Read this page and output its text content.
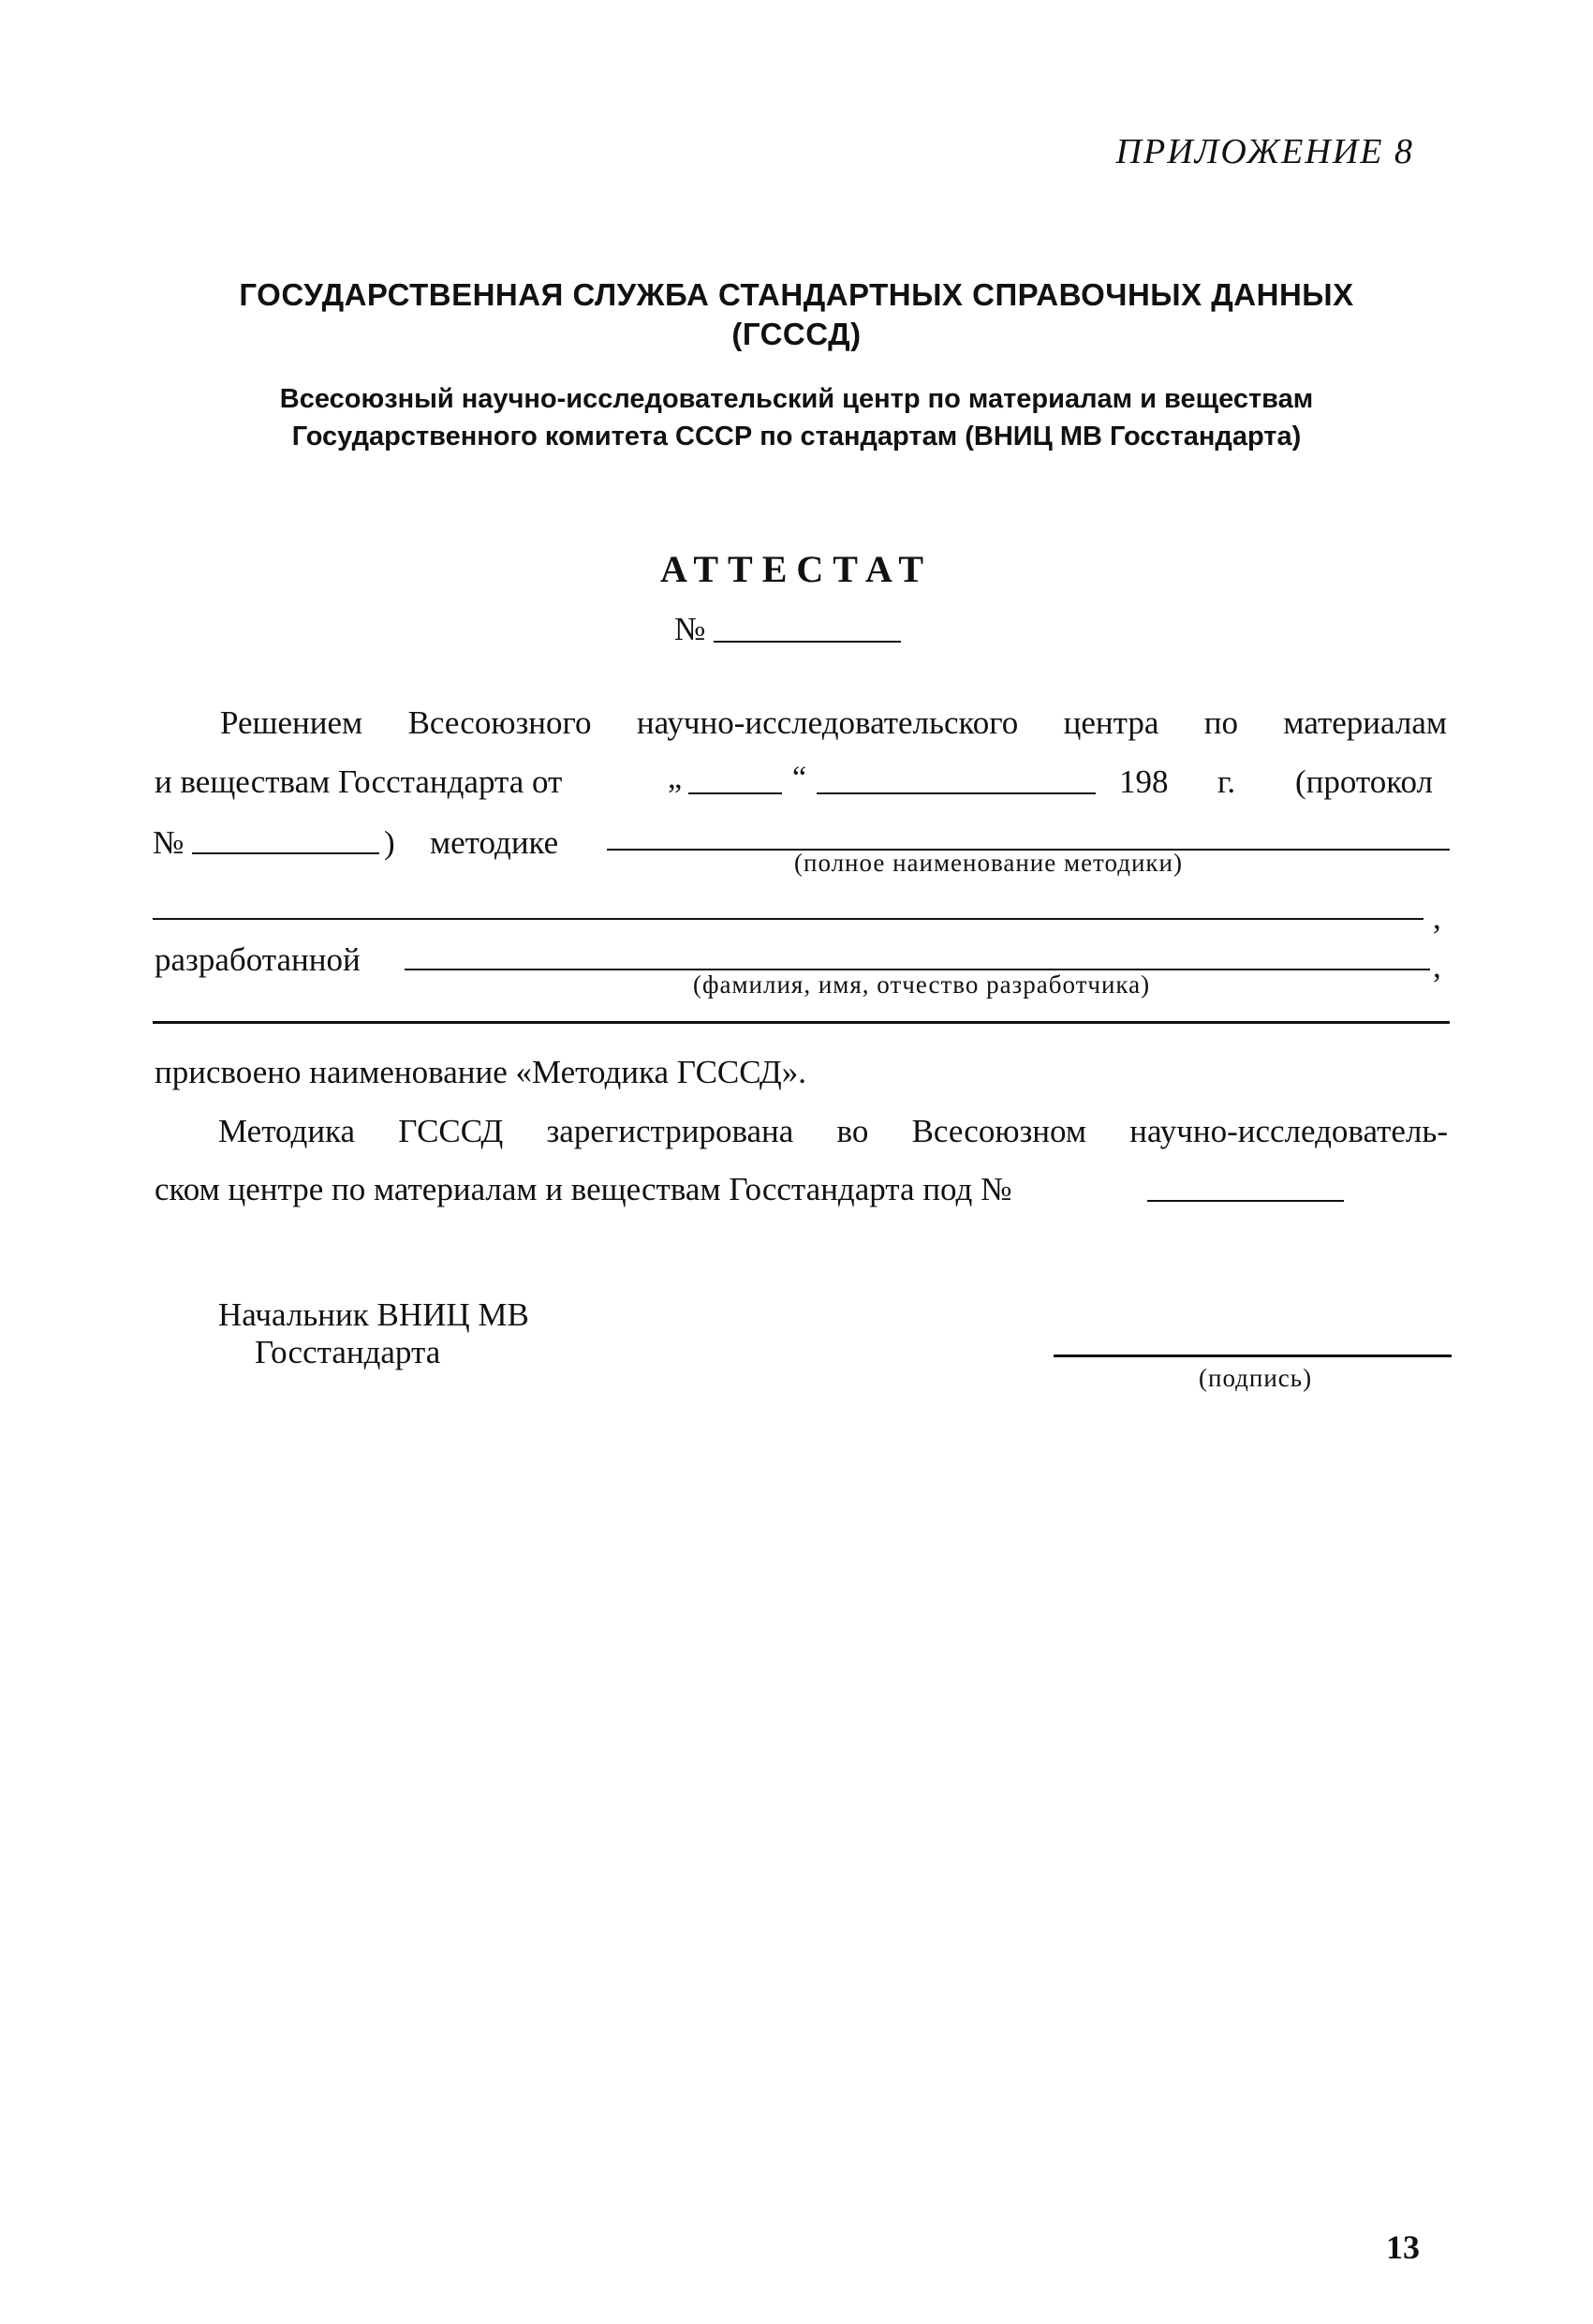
ПРИЛОЖЕНИЕ 8
ГОСУДАРСТВЕННАЯ СЛУЖБА СТАНДАРТНЫХ СПРАВОЧНЫХ ДАННЫХ
(ГСССД)
Всесоюзный научно-исследовательский центр по материалам и веществам
Государственного комитета СССР по стандартам (ВНИЦ МВ Госстандарта)
АТТЕСТАТ
№
Решением Всесоюзного научно-исследовательского центра по материалам
и веществам Госстандарта от	„	“	198 г. (протокол
№	) методике
(полное наименование методики)
,
разработанной	,
(фамилия, имя, отчество разработчика)
присвоено наименование «Методика ГСССД».
Методика ГСССД зарегистрирована во Всесоюзном научно-исследователь-
ском центре по материалам и веществам Госстандарта под №
Начальник ВНИЦ МВ
Госстандарта
(подпись)
13
